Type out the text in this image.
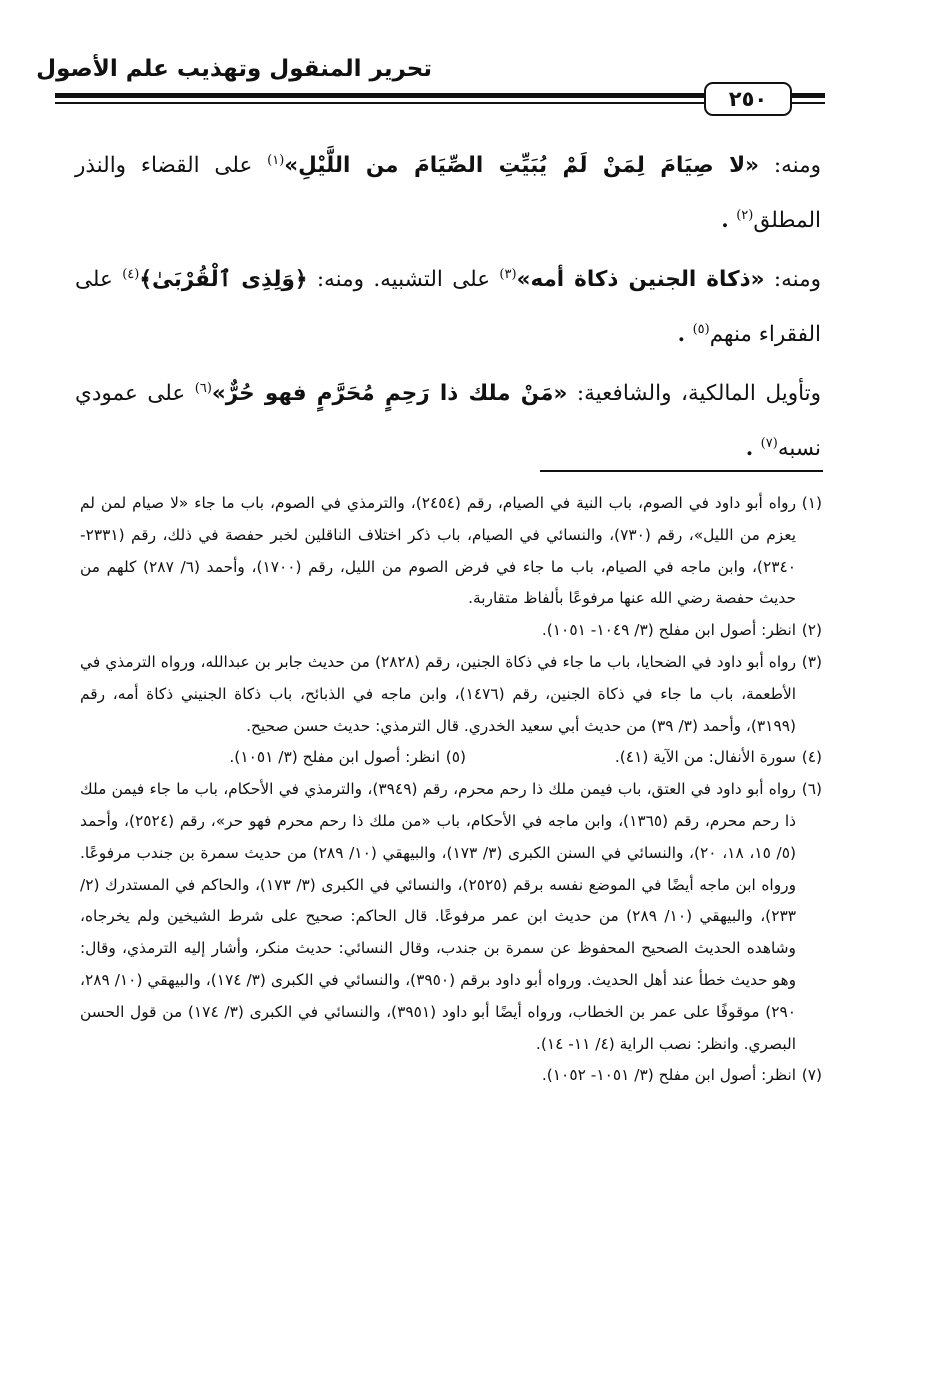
تحرير المنقول وتهذيب علم الأصول
٢٥٠

ومنه: «لا صِيَامَ لِمَنْ لَمْ يُبَيِّتِ الصِّيَامَ من اللَّيْلِ»$^{(١)}$ على القضاء والنذر المطلق$^{(٢)}$ .

ومنه: «ذكاة الجنين ذكاة أمه»$^{(٣)}$ على التشبيه. ومنه: ﴿وَلِذِى ٱلْقُرْبَىٰ﴾$^{(٤)}$ على الفقراء منهم$^{(٥)}$ .

وتأويل المالكية، والشافعية: «مَنْ ملك ذا رَحِمٍ مُحَرَّمٍ فهو حُرٌّ»$^{(٦)}$ على عمودي نسبه$^{(٧)}$ .

(١)رواه أبو داود في الصوم، باب النية في الصيام، رقم (٢٤٥٤)، والترمذي في الصوم، باب ما جاء «لا صيام لمن لم يعزم من الليل»، رقم (٧٣٠)، والنسائي في الصيام، باب ذكر اختلاف الناقلين لخبر حفصة في ذلك، رقم (٢٣٣١- ٢٣٤٠)، وابن ماجه في الصيام، باب ما جاء في فرض الصوم من الليل، رقم (١٧٠٠)، وأحمد (٦/ ٢٨٧) كلهم من حديث حفصة رضي الله عنها مرفوعًا بألفاظ متقاربة.

(٢)انظر: أصول ابن مفلح (٣/ ١٠٤٩- ١٠٥١).

(٣)رواه أبو داود في الضحايا، باب ما جاء في ذكاة الجنين، رقم (٢٨٢٨) من حديث جابر بن عبدالله، ورواه الترمذي في الأطعمة، باب ما جاء في ذكاة الجنين، رقم (١٤٧٦)، وابن ماجه في الذبائح، باب ذكاة الجنيني ذكاة أمه، رقم (٣١٩٩)، وأحمد (٣/ ٣٩) من حديث أبي سعيد الخدري. قال الترمذي: حديث حسن صحيح.

(٤)سورة الأنفال: من الآية (٤١).

(٥)انظر: أصول ابن مفلح (٣/ ١٠٥١).

(٦)رواه أبو داود في العتق، باب فيمن ملك ذا رحم محرم، رقم (٣٩٤٩)، والترمذي في الأحكام، باب ما جاء فيمن ملك ذا رحم محرم، رقم (١٣٦٥)، وابن ماجه في الأحكام، باب «من ملك ذا رحم محرم فهو حر»، رقم (٢٥٢٤)، وأحمد (٥/ ١٥، ١٨، ٢٠)، والنسائي في السنن الكبرى (٣/ ١٧٣)، والبيهقي (١٠/ ٢٨٩) من حديث سمرة بن جندب مرفوعًا. ورواه ابن ماجه أيضًا في الموضع نفسه برقم (٢٥٢٥)، والنسائي في الكبرى (٣/ ١٧٣)، والحاكم في المستدرك (٢/ ٢٣٣)، والبيهقي (١٠/ ٢٨٩) من حديث ابن عمر مرفوعًا. قال الحاكم: صحيح على شرط الشيخين ولم يخرجاه، وشاهده الحديث الصحيح المحفوظ عن سمرة بن جندب، وقال النسائي: حديث منكر، وأشار إليه الترمذي، وقال: وهو حديث خطأ عند أهل الحديث. ورواه أبو داود برقم (٣٩٥٠)، والنسائي في الكبرى (٣/ ١٧٤)، والبيهقي (١٠/ ٢٨٩، ٢٩٠) موقوفًا على عمر بن الخطاب، ورواه أيضًا أبو داود (٣٩٥١)، والنسائي في الكبرى (٣/ ١٧٤) من قول الحسن البصري. وانظر: نصب الراية (٤/ ١١- ١٤).

(٧)انظر: أصول ابن مفلح (٣/ ١٠٥١- ١٠٥٢).
